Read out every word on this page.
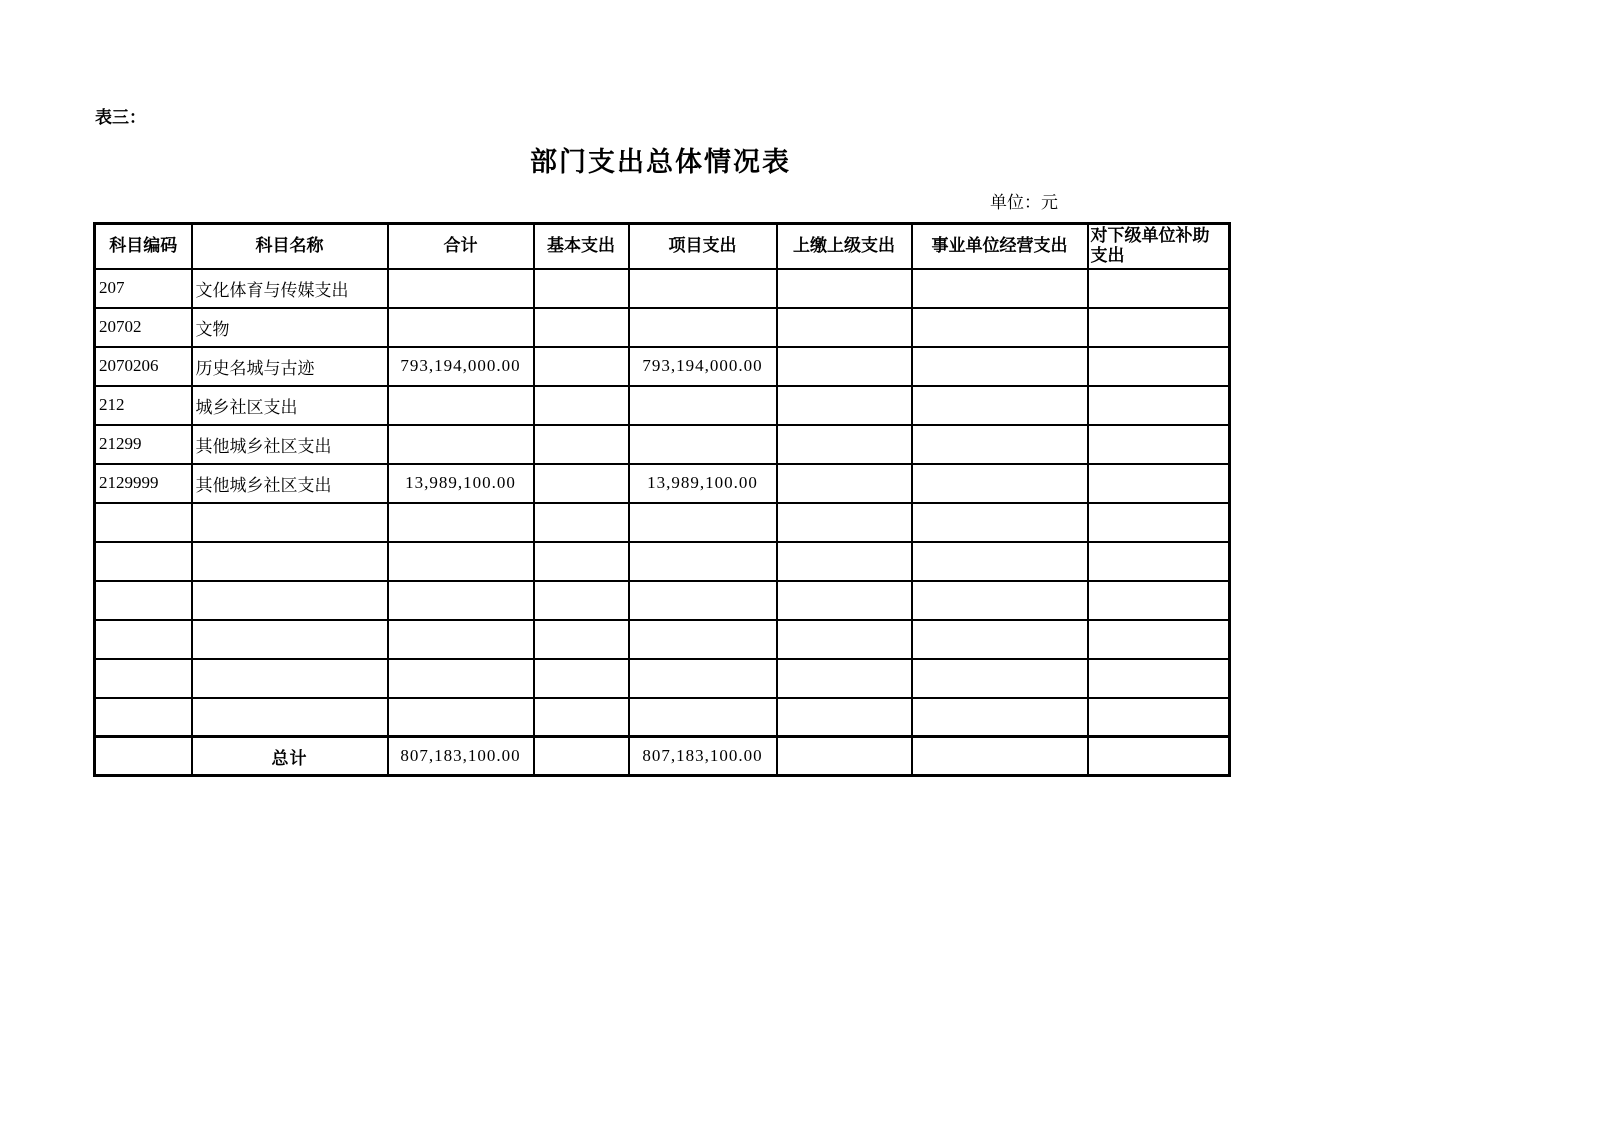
表三：
部门支出总体情况表
单位：元
科目编码	科目名称	合计	基本支出	项目支出	上缴上级支出	事业单位经营支出	对下级单位补助支出
207	文化体育与传媒支出						
20702	文物						
2070206	历史名城与古迹	793,194,000.00		793,194,000.00			
212	城乡社区支出						
21299	其他城乡社区支出						
2129999	其他城乡社区支出	13,989,100.00		13,989,100.00			

	总计	807,183,100.00		807,183,100.00			
